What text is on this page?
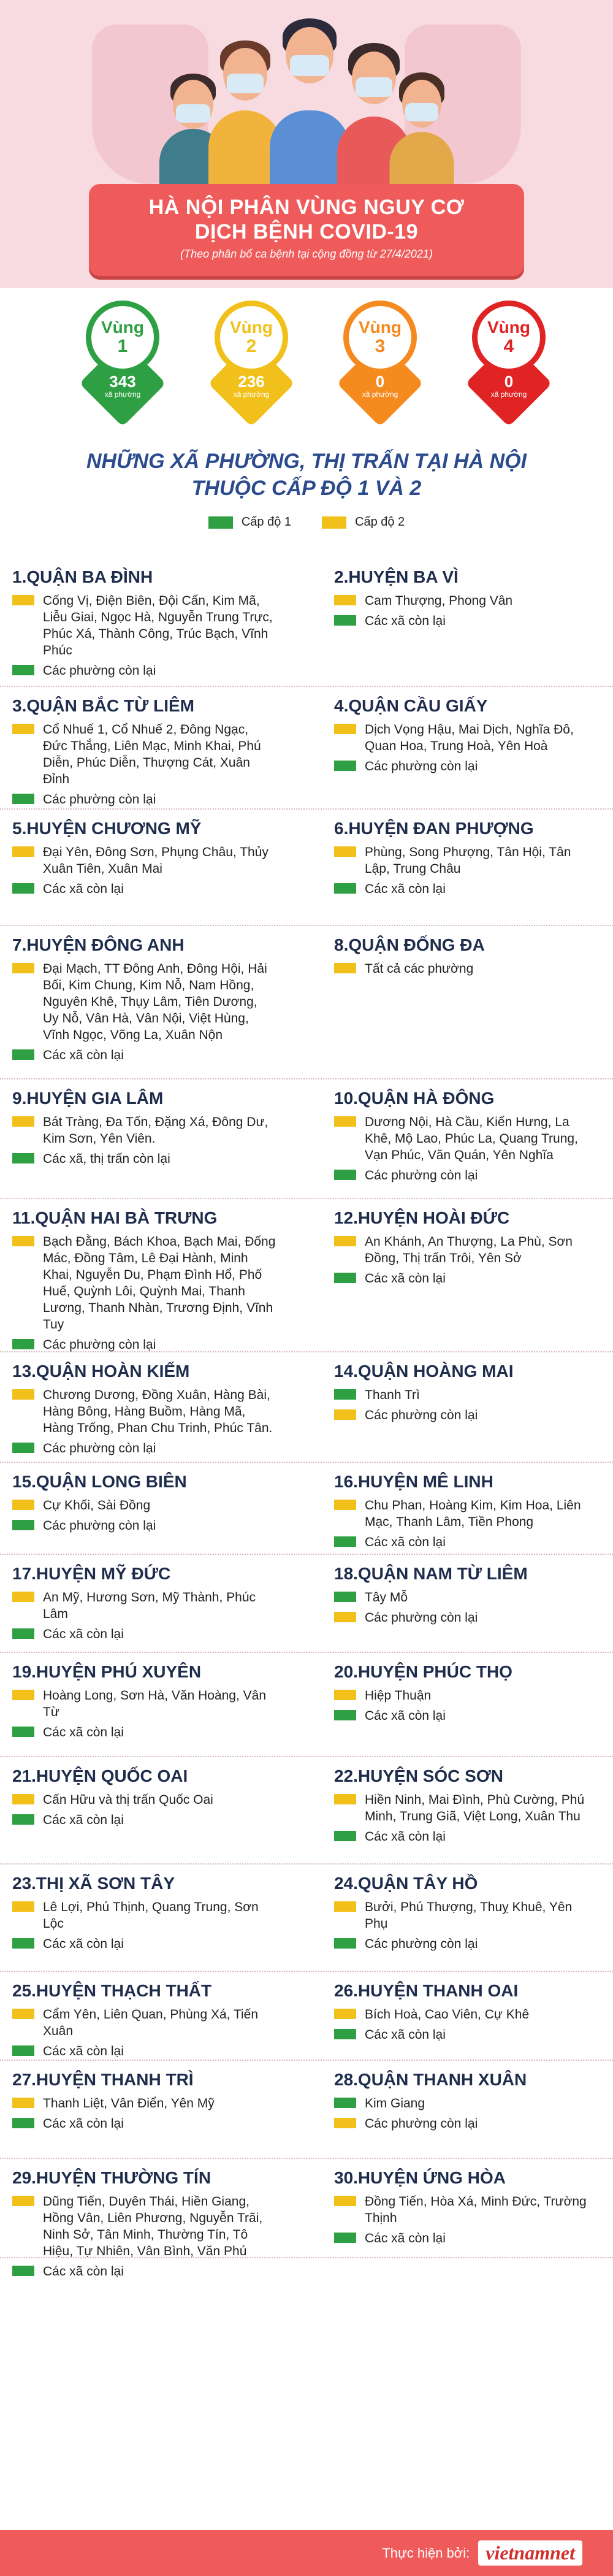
HÀ NỘI PHÂN VÙNG NGUY CƠ
DỊCH BỆNH COVID-19
(Theo phân bố ca bệnh tại cộng đồng từ 27/4/2021)
Vùng
1
343
xã phường
Vùng
2
236
xã phường
Vùng
3
0
xã phường
Vùng
4
0
xã phường
NHỮNG XÃ PHƯỜNG, THỊ TRẤN TẠI HÀ NỘI
THUỘC CẤP ĐỘ 1 VÀ 2
Cấp độ 1	Cấp độ 2
1.QUẬN BA ĐÌNH
Cống Vị, Điện Biên, Đội Cấn, Kim Mã, Liễu Giai, Ngọc Hà, Nguyễn Trung Trực, Phúc Xá, Thành Công, Trúc Bạch, Vĩnh Phúc
Các phường còn lại
2.HUYỆN BA VÌ
Cam Thượng, Phong Vân
Các xã còn lại
3.QUẬN BẮC TỪ LIÊM
Cổ Nhuế 1, Cổ Nhuế 2, Đông Ngạc, Đức Thắng, Liên Mạc, Minh Khai, Phú Diễn, Phúc Diễn, Thượng Cát, Xuân Đỉnh
Các phường còn lại
4.QUẬN CẦU GIẤY
Dịch Vọng Hậu, Mai Dịch, Nghĩa Đô, Quan Hoa, Trung Hoà, Yên Hoà
Các phường còn lại
5.HUYỆN CHƯƠNG MỸ
Đại Yên, Đông Sơn, Phụng Châu, Thủy Xuân Tiên, Xuân Mai
Các xã còn lại
6.HUYỆN ĐAN PHƯỢNG
Phùng, Song Phượng, Tân Hội, Tân Lập, Trung Châu
Các xã còn lại
7.HUYỆN ĐÔNG ANH
Đại Mạch, TT Đông Anh, Đông Hội, Hải Bối, Kim Chung, Kim Nỗ, Nam Hồng, Nguyên Khê, Thụy Lâm, Tiên Dương, Uy Nỗ, Vân Hà, Vân Nội, Việt Hùng, Vĩnh Ngọc, Võng La, Xuân Nộn
Các xã còn lại
8.QUẬN ĐỐNG ĐA
Tất cả các phường
9.HUYỆN GIA LÂM
Bát Tràng, Đa Tốn, Đặng Xá, Đông Dư, Kim Sơn, Yên Viên.
Các xã, thị trấn còn lại
10.QUẬN HÀ ĐÔNG
Dương Nội, Hà Cầu, Kiến Hưng, La Khê, Mộ Lao, Phúc La, Quang Trung, Vạn Phúc, Văn Quán, Yên Nghĩa
Các phường còn lại
11.QUẬN HAI BÀ TRƯNG
Bạch Đằng, Bách Khoa, Bạch Mai, Đống Mác, Đồng Tâm, Lê Đại Hành, Minh Khai, Nguyễn Du, Phạm Đình Hổ, Phố Huế, Quỳnh Lôi, Quỳnh Mai, Thanh Lương, Thanh Nhàn, Trương Định, Vĩnh Tuy
Các phường còn lại
12.HUYỆN HOÀI ĐỨC
An Khánh, An Thượng, La Phù, Sơn Đồng, Thị trấn Trôi, Yên Sở
Các xã còn lại
13.QUẬN HOÀN KIẾM
Chương Dương, Đồng Xuân, Hàng Bài, Hàng Bông, Hàng Buồm, Hàng Mã, Hàng Trống, Phan Chu Trinh, Phúc Tân.
Các phường còn lại
14.QUẬN HOÀNG MAI
Thanh Trì
Các phường còn lại
15.QUẬN LONG BIÊN
Cự Khối, Sài Đồng
Các phường còn lại
16.HUYỆN MÊ LINH
Chu Phan, Hoàng Kim, Kim Hoa, Liên Mạc, Thanh Lâm, Tiền Phong
Các xã còn lại
17.HUYỆN MỸ ĐỨC
An Mỹ, Hương Sơn, Mỹ Thành, Phúc Lâm
Các xã còn lại
18.QUẬN NAM TỪ LIÊM
Tây Mỗ
Các phường còn lại
19.HUYỆN PHÚ XUYÊN
Hoàng Long, Sơn Hà, Văn Hoàng, Vân Từ
Các xã còn lại
20.HUYỆN PHÚC THỌ
Hiệp Thuận
Các xã còn lại
21.HUYỆN QUỐC OAI
Cấn Hữu và thị trấn Quốc Oai
Các xã còn lại
22.HUYỆN SÓC SƠN
Hiền Ninh, Mai Đình, Phù Cường, Phú Minh, Trung Giã, Việt Long, Xuân Thu
Các xã còn lại
23.THỊ XÃ SƠN TÂY
Lê Lợi, Phú Thịnh, Quang Trung, Sơn Lộc
Các xã còn lại
24.QUẬN TÂY HỒ
Bưởi, Phú Thượng, Thuỵ Khuê, Yên Phụ
Các phường còn lại
25.HUYỆN THẠCH THẤT
Cẩm Yên, Liên Quan, Phùng Xá, Tiến Xuân
Các xã còn lại
26.HUYỆN THANH OAI
Bích Hoà, Cao Viên, Cự Khê
Các xã còn lại
27.HUYỆN THANH TRÌ
Thanh Liệt, Vân Điển, Yên Mỹ
Các xã còn lại
28.QUẬN THANH XUÂN
Kim Giang
Các phường còn lại
29.HUYỆN THƯỜNG TÍN
Dũng Tiến, Duyên Thái, Hiền Giang, Hồng Vân, Liên Phương, Nguyễn Trãi, Ninh Sở, Tân Minh, Thường Tín, Tô Hiệu, Tự Nhiên, Vân Bình, Văn Phú
Các xã còn lại
30.HUYỆN ỨNG HÒA
Đồng Tiến, Hòa Xá, Minh Đức, Trường Thịnh
Các xã còn lại
Thực hiện bởi: vietnamnet
